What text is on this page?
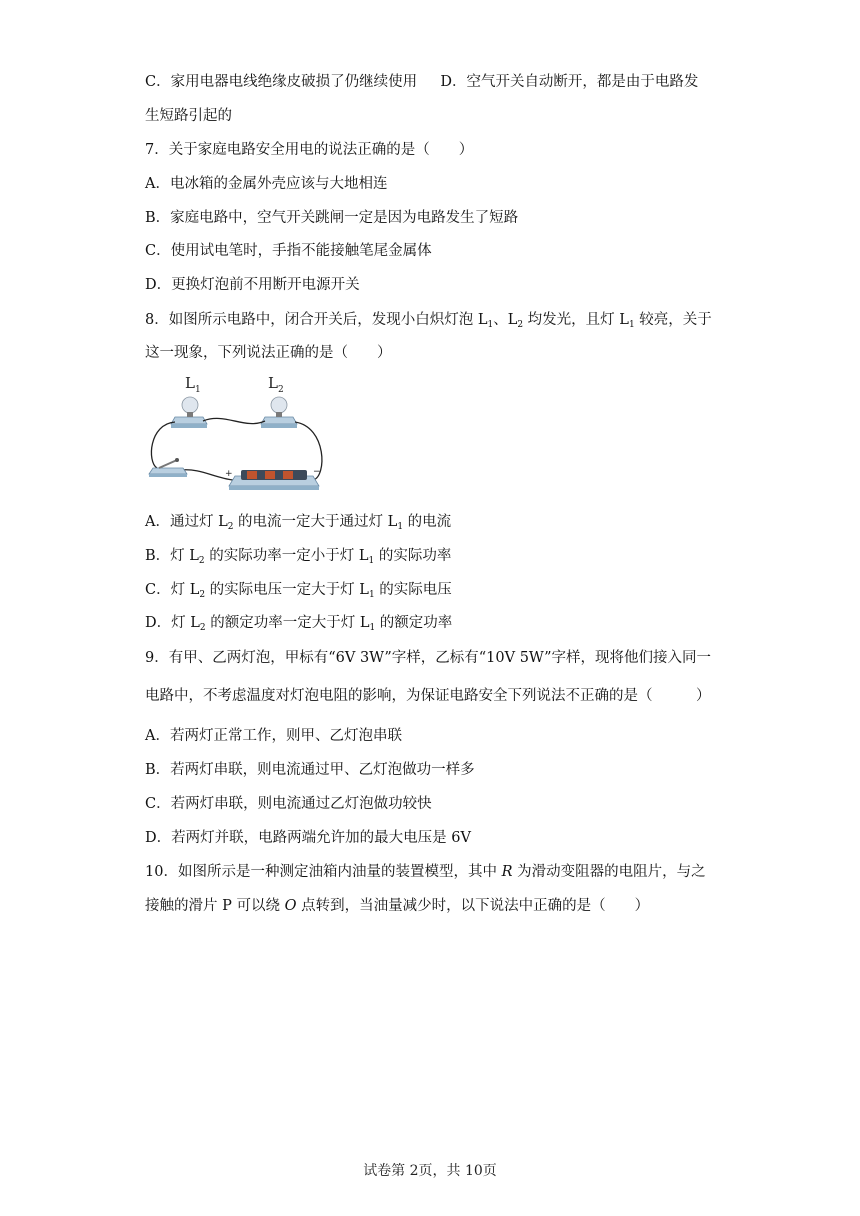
C．家用电器电线绝缘皮破损了仍继续使用 D．空气开关自动断开，都是由于电路发
生短路引起的
7．关于家庭电路安全用电的说法正确的是（　　）
A．电冰箱的金属外壳应该与大地相连
B．家庭电路中，空气开关跳闸一定是因为电路发生了短路
C．使用试电笔时，手指不能接触笔尾金属体
D．更换灯泡前不用断开电源开关
8．如图所示电路中，闭合开关后，发现小白炽灯泡 $L_1$、$L_2$ 均发光，且灯 $L_1$ 较亮，关于
这一现象，下列说法正确的是（　　）
$L_1$	$L_2$
+	−
A．通过灯 $L_2$ 的电流一定大于通过灯 $L_1$ 的电流
B．灯 $L_2$ 的实际功率一定小于灯 $L_1$ 的实际功率
C．灯 $L_2$ 的实际电压一定大于灯 $L_1$ 的实际电压
D．灯 $L_2$ 的额定功率一定大于灯 $L_1$ 的额定功率
9．有甲、乙两灯泡，甲标有“6V 3W”字样，乙标有“10V 5W”字样，现将他们接入同一
电路中，不考虑温度对灯泡电阻的影响，为保证电路安全下列说法不正确的是（　　　）
A．若两灯正常工作，则甲、乙灯泡串联
B．若两灯串联，则电流通过甲、乙灯泡做功一样多
C．若两灯串联，则电流通过乙灯泡做功较快
D．若两灯并联，电路两端允许加的最大电压是 6V
10．如图所示是一种测定油箱内油量的装置模型，其中 R 为滑动变阻器的电阻片，与之
接触的滑片 P 可以绕 O 点转到，当油量减少时，以下说法中正确的是（　　）
试卷第 2页，共 10页
